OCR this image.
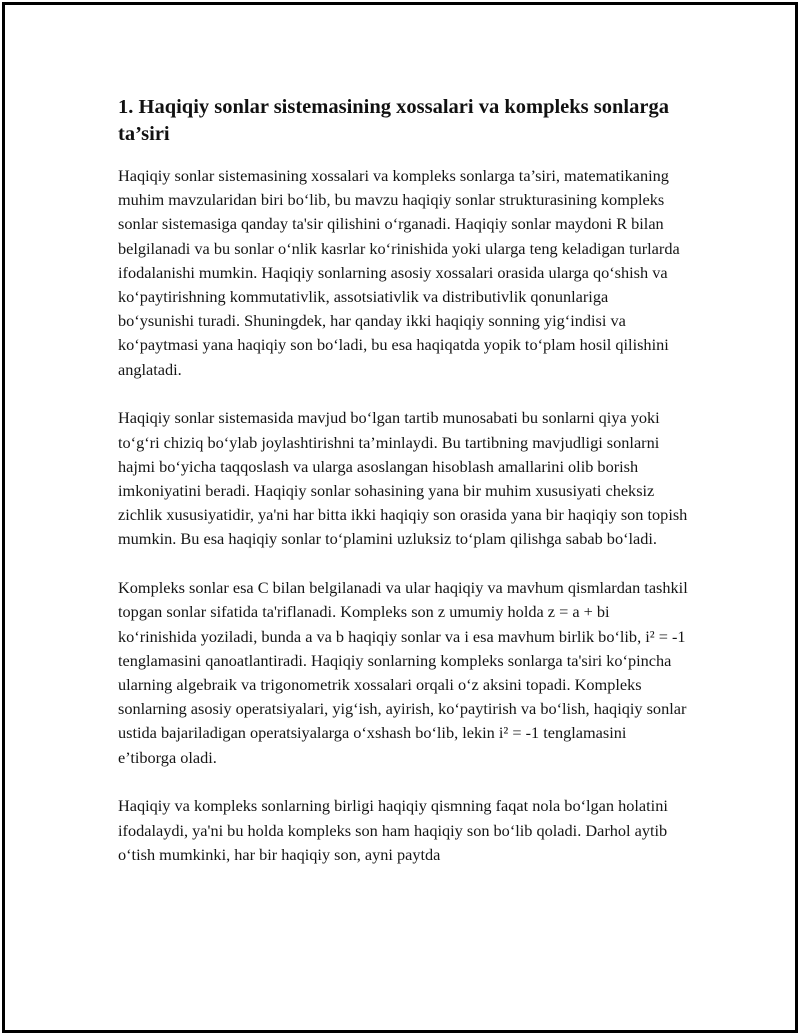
1. Haqiqiy sonlar sistemasining xossalari va kompleks sonlarga ta’siri

Haqiqiy sonlar sistemasining xossalari va kompleks sonlarga ta’siri, matematikaning muhim mavzularidan biri bo‘lib, bu mavzu haqiqiy sonlar strukturasining kompleks sonlar sistemasiga qanday ta'sir qilishini o‘rganadi. Haqiqiy sonlar maydoni R bilan belgilanadi va bu sonlar o‘nlik kasrlar ko‘rinishida yoki ularga teng keladigan turlarda ifodalanishi mumkin. Haqiqiy sonlarning asosiy xossalari orasida ularga qo‘shish va ko‘paytirishning kommutativlik, assotsiativlik va distributivlik qonunlariga bo‘ysunishi turadi. Shuningdek, har qanday ikki haqiqiy sonning yig‘indisi va ko‘paytmasi yana haqiqiy son bo‘ladi, bu esa haqiqatda yopik to‘plam hosil qilishini anglatadi.

Haqiqiy sonlar sistemasida mavjud bo‘lgan tartib munosabati bu sonlarni qiya yoki to‘g‘ri chiziq bo‘ylab joylashtirishni ta’minlaydi. Bu tartibning mavjudligi sonlarni hajmi bo‘yicha taqqoslash va ularga asoslangan hisoblash amallarini olib borish imkoniyatini beradi. Haqiqiy sonlar sohasining yana bir muhim xususiyati cheksiz zichlik xususiyatidir, ya'ni har bitta ikki haqiqiy son orasida yana bir haqiqiy son topish mumkin. Bu esa haqiqiy sonlar to‘plamini uzluksiz to‘plam qilishga sabab bo‘ladi.

Kompleks sonlar esa C bilan belgilanadi va ular haqiqiy va mavhum qismlardan tashkil topgan sonlar sifatida ta'riflanadi. Kompleks son z umumiy holda z = a + bi ko‘rinishida yoziladi, bunda a va b haqiqiy sonlar va i esa mavhum birlik bo‘lib, i² = -1 tenglamasini qanoatlantiradi. Haqiqiy sonlarning kompleks sonlarga ta'siri ko‘pincha ularning algebraik va trigonometrik xossalari orqali o‘z aksini topadi. Kompleks sonlarning asosiy operatsiyalari, yig‘ish, ayirish, ko‘paytirish va bo‘lish, haqiqiy sonlar ustida bajariladigan operatsiyalarga o‘xshash bo‘lib, lekin i² = -1 tenglamasini e’tiborga oladi.

Haqiqiy va kompleks sonlarning birligi haqiqiy qismning faqat nola bo‘lgan holatini ifodalaydi, ya'ni bu holda kompleks son ham haqiqiy son bo‘lib qoladi. Darhol aytib o‘tish mumkinki, har bir haqiqiy son, ayni paytda
